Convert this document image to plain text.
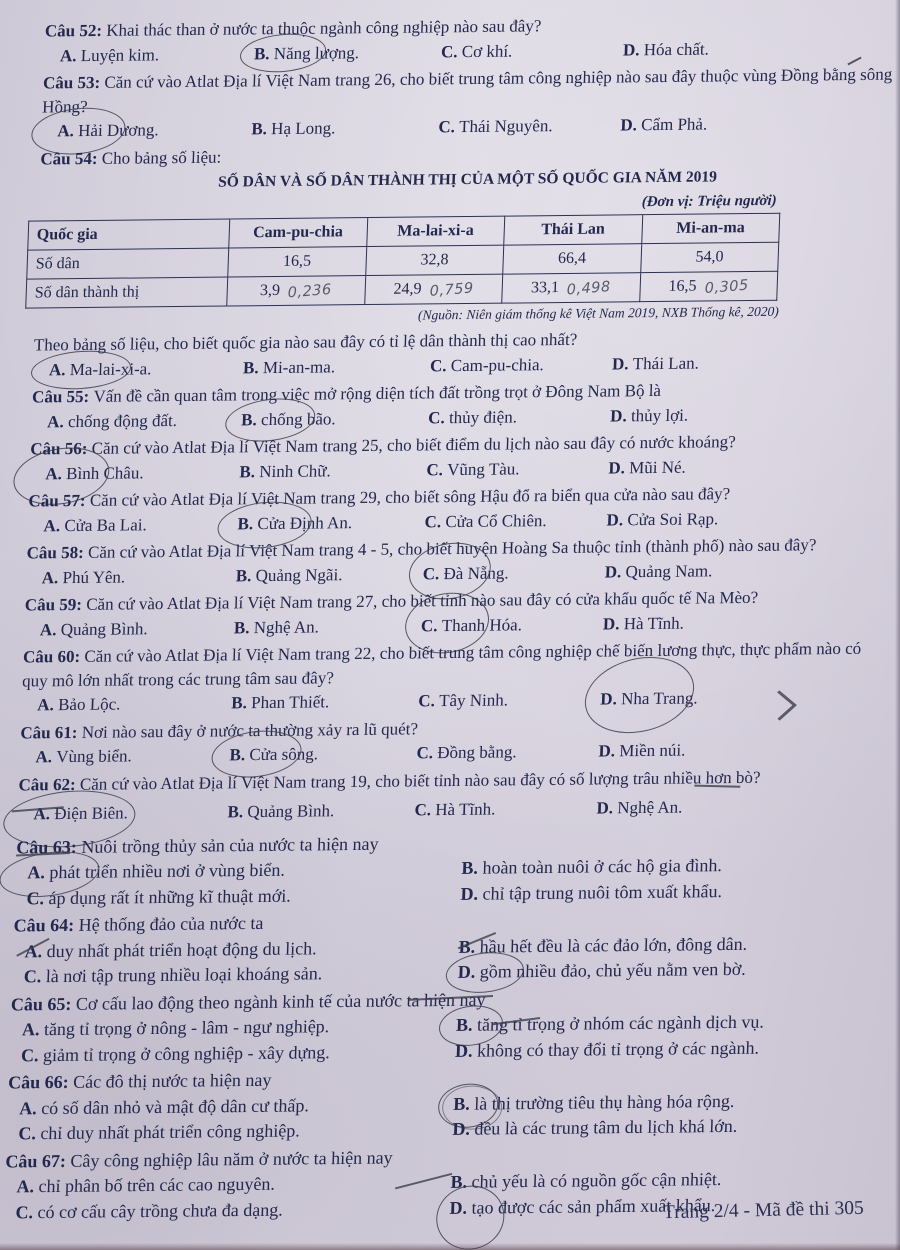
Câu 52: Khai thác than ở nước ta thuộc ngành công nghiệp nào sau đây?
A. Luyện kim.	B. Năng lượng.	C. Cơ khí.	D. Hóa chất.
Câu 53: Căn cứ vào Atlat Địa lí Việt Nam trang 26, cho biết trung tâm công nghiệp nào sau đây thuộc vùng Đồng bằng sông Hồng?
A. Hải Dương.	B. Hạ Long.	C. Thái Nguyên.	D. Cẩm Phả.
Câu 54: Cho bảng số liệu:
SỐ DÂN VÀ SỐ DÂN THÀNH THỊ CỦA MỘT SỐ QUỐC GIA NĂM 2019
(Đơn vị: Triệu người)
Quốc gia	Cam-pu-chia	Ma-lai-xi-a	Thái Lan	Mi-an-ma
Số dân	16,5	32,8	66,4	54,0
Số dân thành thị	3,9 0,236	24,9 0,759	33,1 0,498	16,5 0,305
(Nguồn: Niên giám thống kê Việt Nam 2019, NXB Thống kê, 2020)
Theo bảng số liệu, cho biết quốc gia nào sau đây có tỉ lệ dân thành thị cao nhất?
A. Ma-lai-xi-a.	B. Mi-an-ma.	C. Cam-pu-chia.	D. Thái Lan.
Câu 55: Vấn đề cần quan tâm trong việc mở rộng diện tích đất trồng trọt ở Đông Nam Bộ là
A. chống động đất.	B. chống bão.	C. thủy điện.	D. thủy lợi.
Câu 56: Căn cứ vào Atlat Địa lí Việt Nam trang 25, cho biết điểm du lịch nào sau đây có nước khoáng?
A. Bình Châu.	B. Ninh Chữ.	C. Vũng Tàu.	D. Mũi Né.
Câu 57: Căn cứ vào Atlat Địa lí Việt Nam trang 29, cho biết sông Hậu đổ ra biển qua cửa nào sau đây?
A. Cửa Ba Lai.	B. Cửa Định An.	C. Cửa Cổ Chiên.	D. Cửa Soi Rạp.
Câu 58: Căn cứ vào Atlat Địa lí Việt Nam trang 4 - 5, cho biết huyện Hoàng Sa thuộc tỉnh (thành phố) nào sau đây?
A. Phú Yên.	B. Quảng Ngãi.	C. Đà Nẵng.	D. Quảng Nam.
Câu 59: Căn cứ vào Atlat Địa lí Việt Nam trang 27, cho biết tỉnh nào sau đây có cửa khẩu quốc tế Na Mèo?
A. Quảng Bình.	B. Nghệ An.	C. Thanh Hóa.	D. Hà Tĩnh.
Câu 60: Căn cứ vào Atlat Địa lí Việt Nam trang 22, cho biết trung tâm công nghiệp chế biến lương thực, thực phẩm nào có quy mô lớn nhất trong các trung tâm sau đây?
A. Bảo Lộc.	B. Phan Thiết.	C. Tây Ninh.	D. Nha Trang.
Câu 61: Nơi nào sau đây ở nước ta thường xảy ra lũ quét?
A. Vùng biển.	B. Cửa sông.	C. Đồng bằng.	D. Miền núi.
Câu 62: Căn cứ vào Atlat Địa lí Việt Nam trang 19, cho biết tỉnh nào sau đây có số lượng trâu nhiều hơn bò?
A. Điện Biên.	B. Quảng Bình.	C. Hà Tĩnh.	D. Nghệ An.
Câu 63: Nuôi trồng thủy sản của nước ta hiện nay
A. phát triển nhiều nơi ở vùng biển.	B. hoàn toàn nuôi ở các hộ gia đình.
C. áp dụng rất ít những kĩ thuật mới.	D. chỉ tập trung nuôi tôm xuất khẩu.
Câu 64: Hệ thống đảo của nước ta
A. duy nhất phát triển hoạt động du lịch.	B. hầu hết đều là các đảo lớn, đông dân.
C. là nơi tập trung nhiều loại khoáng sản.	D. gồm nhiều đảo, chủ yếu nằm ven bờ.
Câu 65: Cơ cấu lao động theo ngành kinh tế của nước ta hiện nay
A. tăng tỉ trọng ở nông - lâm - ngư nghiệp.	B. tăng tỉ trọng ở nhóm các ngành dịch vụ.
C. giảm tỉ trọng ở công nghiệp - xây dựng.	D. không có thay đổi tỉ trọng ở các ngành.
Câu 66: Các đô thị nước ta hiện nay
A. có số dân nhỏ và mật độ dân cư thấp.	B. là thị trường tiêu thụ hàng hóa rộng.
C. chỉ duy nhất phát triển công nghiệp.	D. đều là các trung tâm du lịch khá lớn.
Câu 67: Cây công nghiệp lâu năm ở nước ta hiện nay
A. chỉ phân bố trên các cao nguyên.	B. chủ yếu là có nguồn gốc cận nhiệt.
C. có cơ cấu cây trồng chưa đa dạng.	D. tạo được các sản phẩm xuất khẩu.
Trang 2/4 - Mã đề thi 305
